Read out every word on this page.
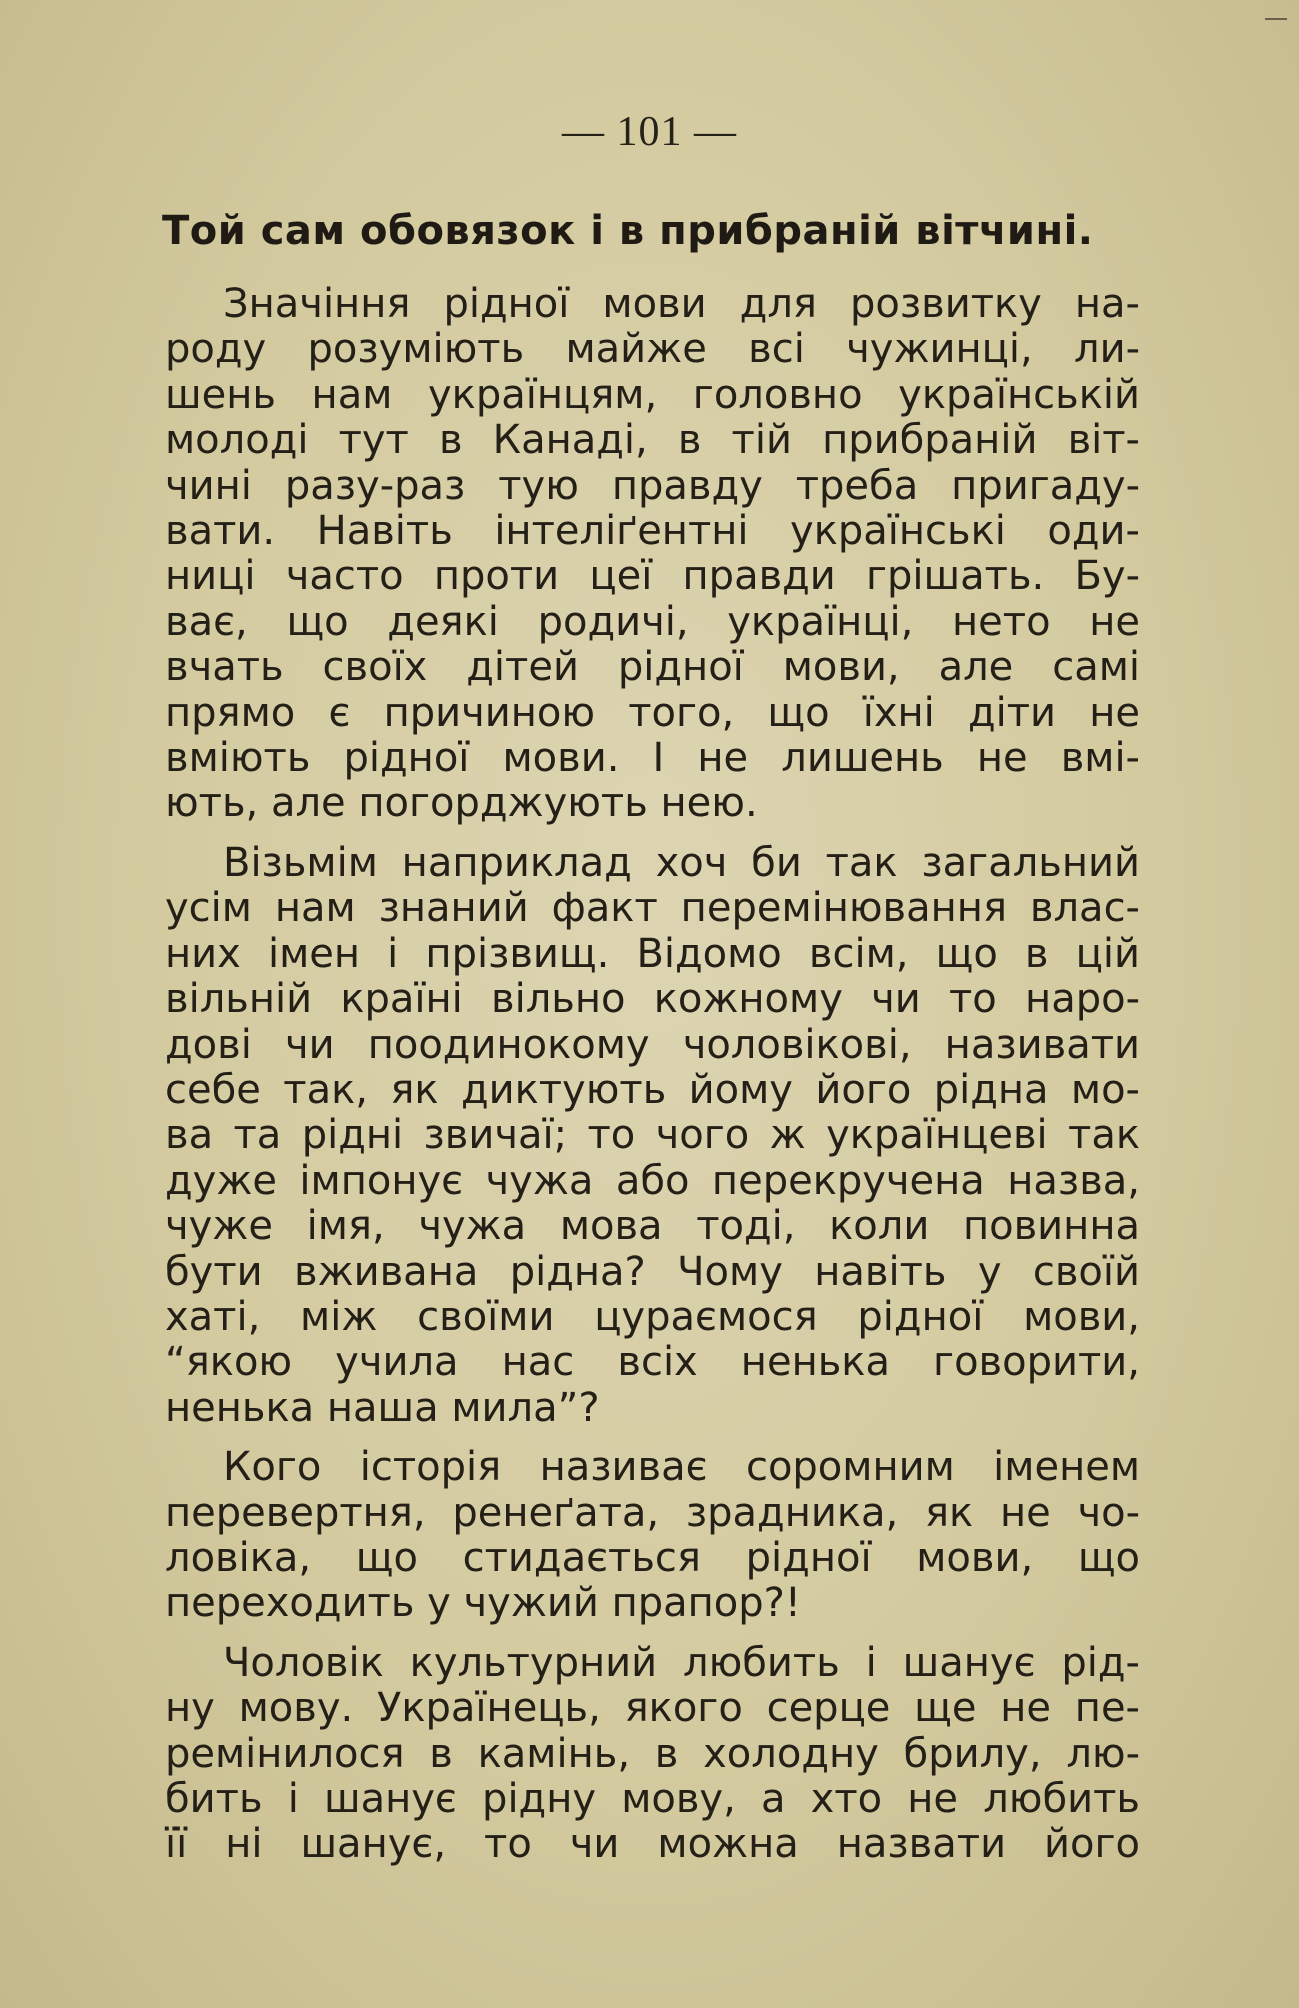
— 101 —
Той сам обовязок і в прибраній вітчині.
Значіння рідної мови для розвитку на-
роду розуміють майже всі чужинці, ли-
шень нам українцям, головно українській
молоді тут в Канаді, в тій прибраній віт-
чині разу-раз тую правду треба пригаду-
вати. Навіть інтеліґентні українські оди-
ниці часто проти цеї правди грішать. Бу-
ває, що деякі родичі, українці, нето не
вчать своїх дітей рідної мови, але самі
прямо є причиною того, що їхні діти не
вміють рідної мови. І не лишень не вмі-
ють, але погорджують нею.
Візьмім наприклад хоч би так загальний
усім нам знаний факт перемінювання влас-
них імен і прізвищ. Відомо всім, що в цій
вільній країні вільно кожному чи то наро-
дові чи поодинокому чоловікові, називати
себе так, як диктують йому його рідна мо-
ва та рідні звичаї; то чого ж українцеві так
дуже імпонує чужа або перекручена назва,
чуже імя, чужа мова тоді, коли повинна
бути вживана рідна? Чому навіть у своїй
хаті, між своїми цураємося рідної мови,
“якою учила нас всіх ненька говорити,
ненька наша мила”?
Кого історія називає соромним іменем
перевертня, ренеґата, зрадника, як не чо-
ловіка, що стидається рідної мови, що
переходить у чужий прапор?!
Чоловік культурний любить і шанує рід-
ну мову. Українець, якого серце ще не пе-
ремінилося в камінь, в холодну брилу, лю-
бить і шанує рідну мову, а хто не любить
її ні шанує, то чи можна назвати його
